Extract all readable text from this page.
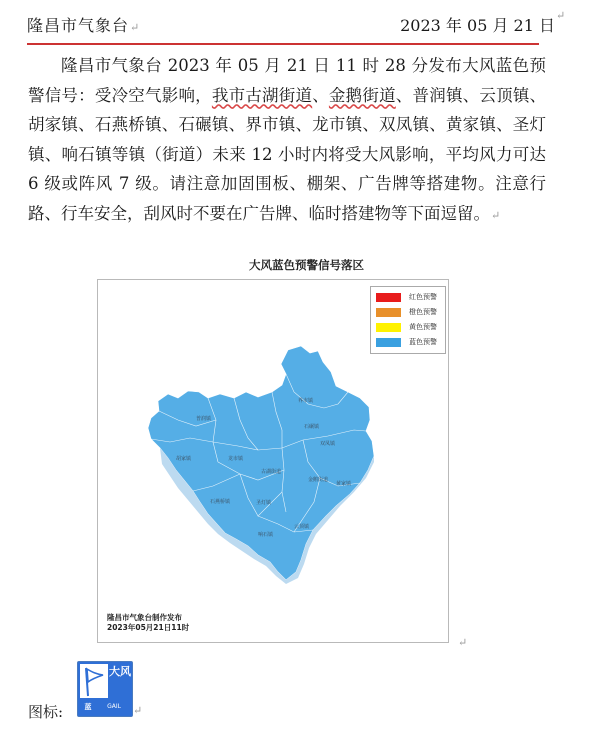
隆昌市气象台↵	2023 年 05 月 21 日
↵
隆昌市气象台 2023 年 05 月 21 日 11 时 28 分发布大风蓝色预警信号：受冷空气影响，我市古湖街道、金鹅街道、普润镇、云顶镇、胡家镇、石燕桥镇、石碾镇、界市镇、龙市镇、双凤镇、黄家镇、圣灯镇、响石镇等镇（街道）未来 12 小时内将受大风影响，平均风力可达 6 级或阵风 7 级。请注意加固围板、棚架、广告牌等搭建物。注意行路、行车安全，刮风时不要在广告牌、临时搭建物等下面逗留。↵
大风蓝色预警信号落区
界市镇
双凤镇
普润镇
石碾镇
胡家镇	龙市镇
古湖街道
金鹅街道
黄家镇
石燕桥镇	圣灯镇
云顶镇
响石镇
红色预警
橙色预警
黄色预警
蓝色预警
隆昌市气象台制作发布
2023年05月21日11时
↵
图标:
大风
蓝	GAIL	↵
